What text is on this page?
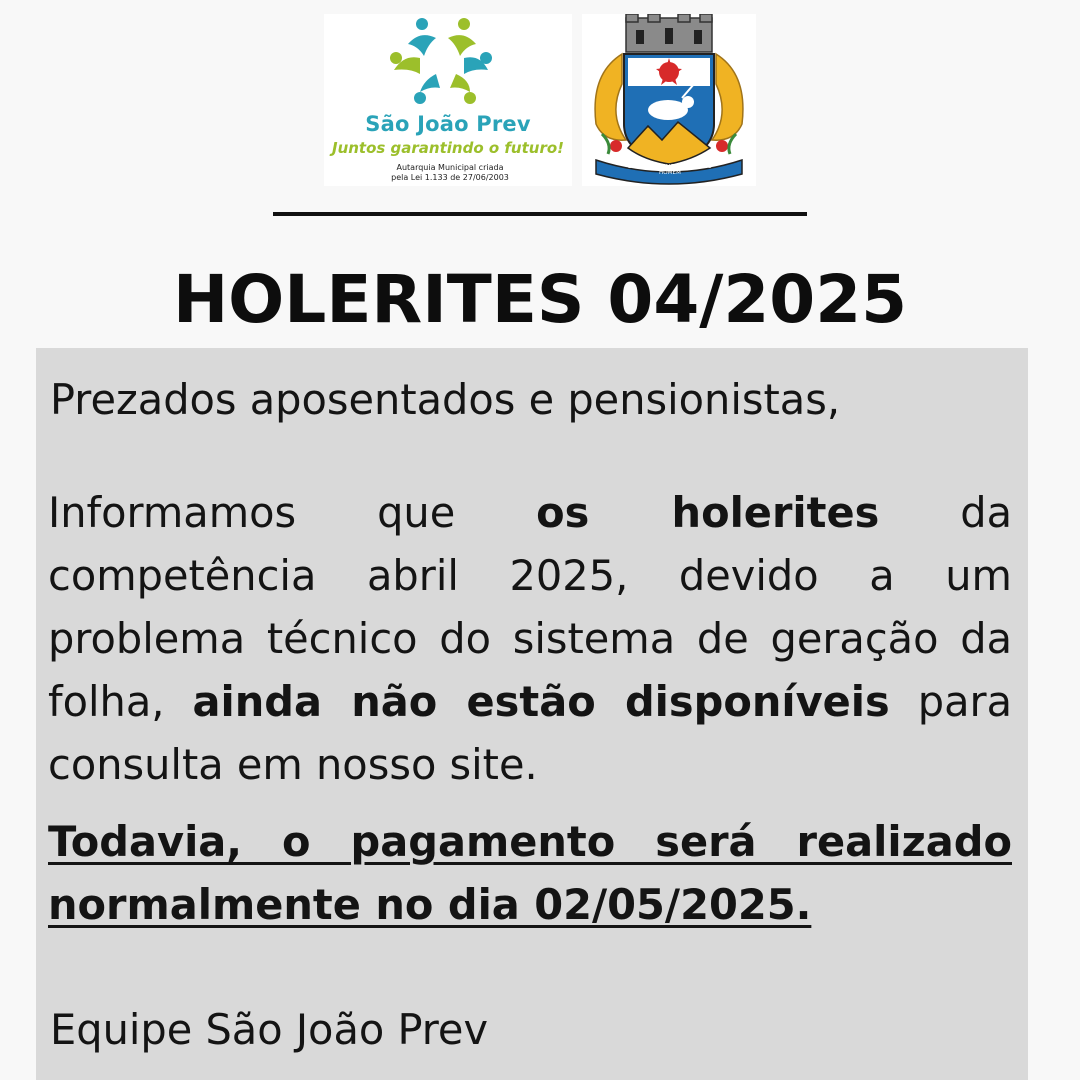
São João Prev
Juntos garantindo o futuro!
Autarquia Municipal criada
pela Lei 1.133 de 27/06/2003
SÓ O TRABALHO DIGNIFICA O HOMEM
HOLERITES 04/2025
Prezados aposentados e pensionistas,
Informamos que os holerites da competência abril 2025, devido a um problema técnico do sistema de geração da folha, ainda não estão disponíveis para consulta em nosso site.
Todavia, o pagamento será realizado normalmente no dia 02/05/2025.
Equipe São João Prev
